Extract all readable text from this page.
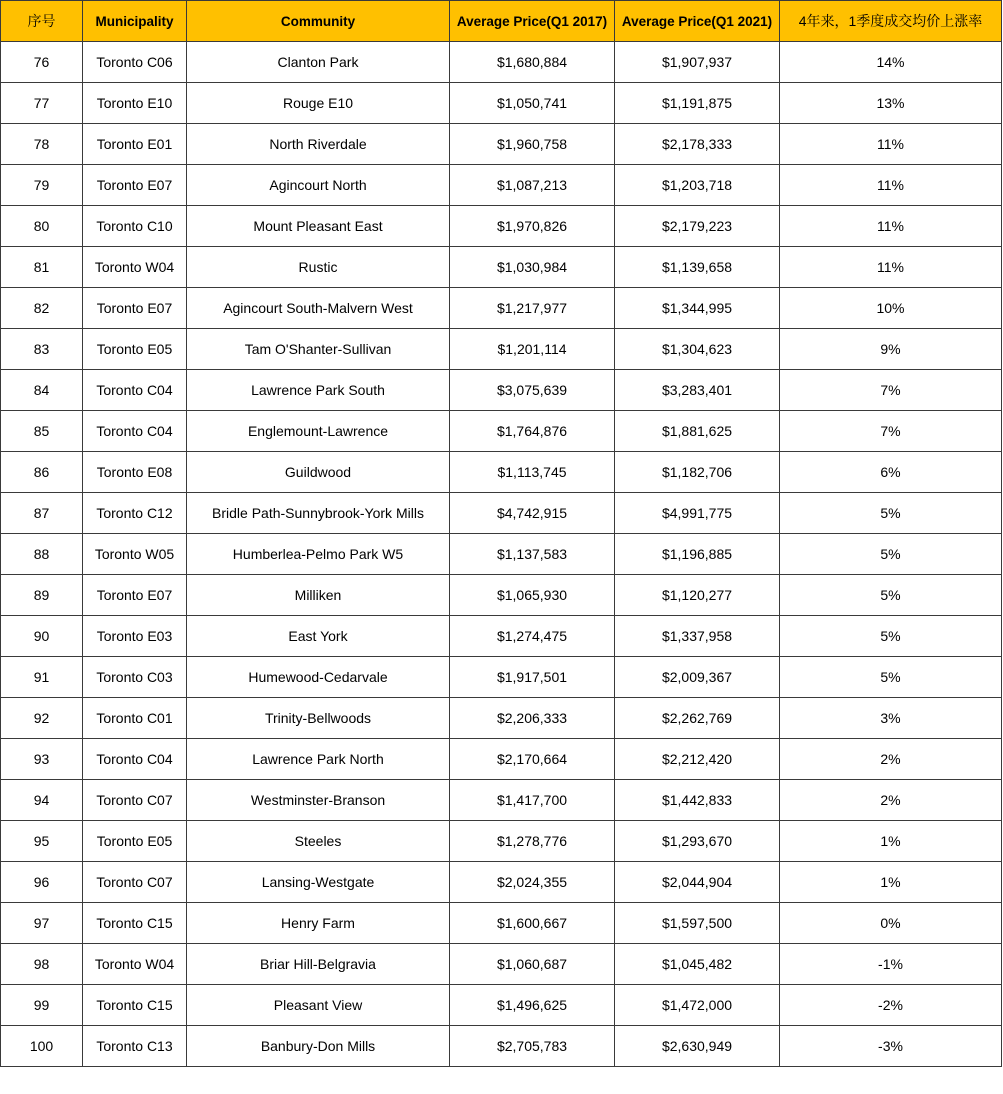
序号	Municipality	Community	Average Price(Q1 2017)	Average Price(Q1 2021)	4年来，1季度成交均价上涨率
76	Toronto C06	Clanton Park	$1,680,884	$1,907,937	14%
77	Toronto E10	Rouge E10	$1,050,741	$1,191,875	13%
78	Toronto E01	North Riverdale	$1,960,758	$2,178,333	11%
79	Toronto E07	Agincourt North	$1,087,213	$1,203,718	11%
80	Toronto C10	Mount Pleasant East	$1,970,826	$2,179,223	11%
81	Toronto W04	Rustic	$1,030,984	$1,139,658	11%
82	Toronto E07	Agincourt South-Malvern West	$1,217,977	$1,344,995	10%
83	Toronto E05	Tam O'Shanter-Sullivan	$1,201,114	$1,304,623	9%
84	Toronto C04	Lawrence Park South	$3,075,639	$3,283,401	7%
85	Toronto C04	Englemount-Lawrence	$1,764,876	$1,881,625	7%
86	Toronto E08	Guildwood	$1,113,745	$1,182,706	6%
87	Toronto C12	Bridle Path-Sunnybrook-York Mills	$4,742,915	$4,991,775	5%
88	Toronto W05	Humberlea-Pelmo Park W5	$1,137,583	$1,196,885	5%
89	Toronto E07	Milliken	$1,065,930	$1,120,277	5%
90	Toronto E03	East York	$1,274,475	$1,337,958	5%
91	Toronto C03	Humewood-Cedarvale	$1,917,501	$2,009,367	5%
92	Toronto C01	Trinity-Bellwoods	$2,206,333	$2,262,769	3%
93	Toronto C04	Lawrence Park North	$2,170,664	$2,212,420	2%
94	Toronto C07	Westminster-Branson	$1,417,700	$1,442,833	2%
95	Toronto E05	Steeles	$1,278,776	$1,293,670	1%
96	Toronto C07	Lansing-Westgate	$2,024,355	$2,044,904	1%
97	Toronto C15	Henry Farm	$1,600,667	$1,597,500	0%
98	Toronto W04	Briar Hill-Belgravia	$1,060,687	$1,045,482	-1%
99	Toronto C15	Pleasant View	$1,496,625	$1,472,000	-2%
100	Toronto C13	Banbury-Don Mills	$2,705,783	$2,630,949	-3%
